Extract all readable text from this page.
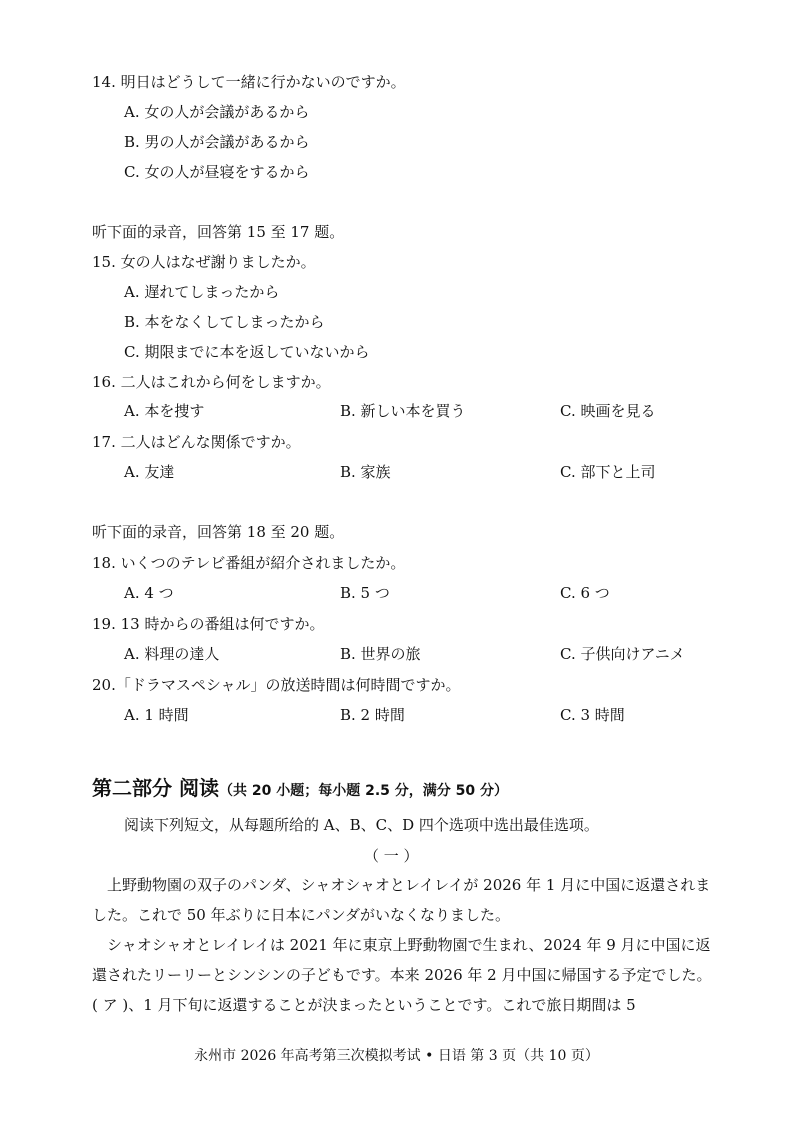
14. 明日はどうして一緒に行かないのですか。
A. 女の人が会議があるから
B. 男の人が会議があるから
C. 女の人が昼寝をするから
听下面的录音，回答第 15 至 17 题。
15. 女の人はなぜ謝りましたか。
A. 遅れてしまったから
B. 本をなくしてしまったから
C. 期限までに本を返していないから
16. 二人はこれから何をしますか。
A. 本を捜す	B. 新しい本を買う	C. 映画を見る
17. 二人はどんな関係ですか。
A. 友達	B. 家族	C. 部下と上司
听下面的录音，回答第 18 至 20 题。
18. いくつのテレビ番組が紹介されましたか。
A. 4 つ	B. 5 つ	C. 6 つ
19. 13 時からの番組は何ですか。
A. 料理の達人	B. 世界の旅	C. 子供向けアニメ
20.「ドラマスペシャル」の放送時間は何時間ですか。
A. 1 時間	B. 2 時間	C. 3 時間
第二部分 阅读（共 20 小题；每小题 2.5 分，满分 50 分）
阅读下列短文，从每题所给的 A、B、C、D 四个选项中选出最佳选项。
（ 一 ）
上野動物園の双子のパンダ、シャオシャオとレイレイが 2026 年 1 月に中国に返還されました。これで 50 年ぶりに日本にパンダがいなくなりました。
シャオシャオとレイレイは 2021 年に東京上野動物園で生まれ、2024 年 9 月に中国に返還されたリーリーとシンシンの子どもです。本来 2026 年 2 月中国に帰国する予定でした。( ア )、1 月下旬に返還することが決まったということです。これで旅日期間は 5
永州市 2026 年高考第三次模拟考试 • 日语 第 3 页（共 10 页）
